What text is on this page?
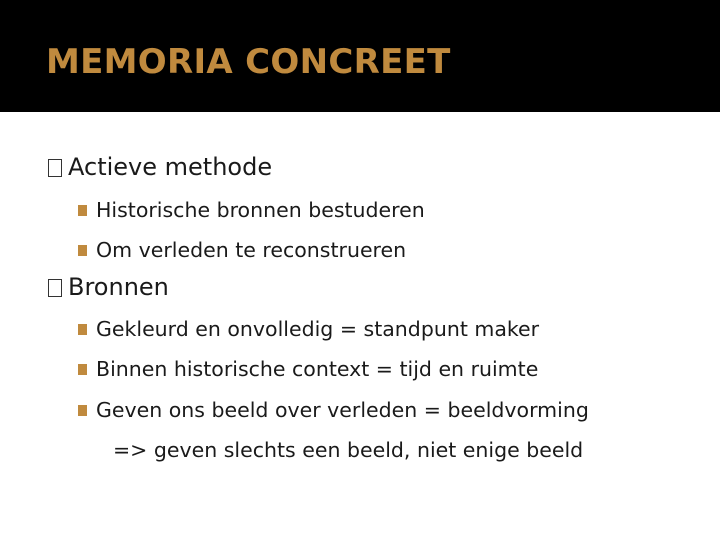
MEMORIA CONCREET
Actieve methode
Historische bronnen bestuderen
Om verleden te reconstrueren
Bronnen
Gekleurd en onvolledig = standpunt maker
Binnen historische context = tijd en ruimte
Geven ons beeld over verleden = beeldvorming
=> geven slechts een beeld, niet enige beeld
